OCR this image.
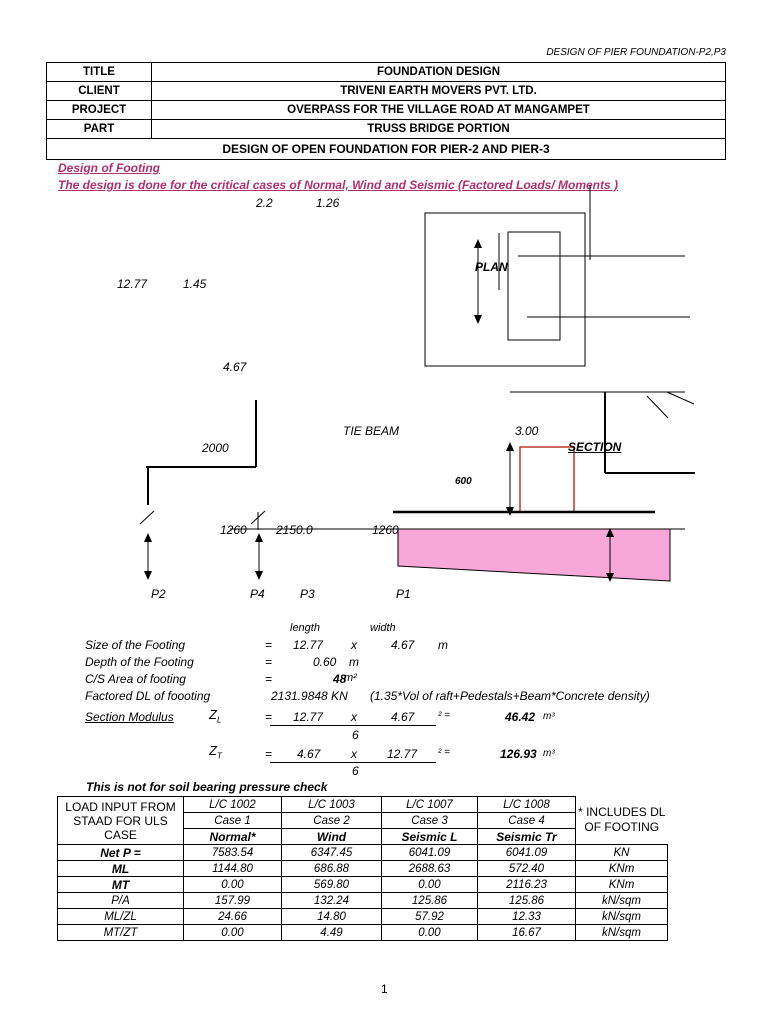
DESIGN OF PIER FOUNDATION-P2,P3
TITLE	FOUNDATION DESIGN
CLIENT	TRIVENI EARTH MOVERS PVT. LTD.
PROJECT	OVERPASS FOR THE VILLAGE ROAD AT MANGAMPET
PART	TRUSS BRIDGE PORTION
DESIGN OF OPEN FOUNDATION FOR PIER-2 AND PIER-3	
Design of Footing
The design is done for the critical cases of Normal, Wind and Seismic (Factored Loads/ Moments )
2.2	1.26
PLAN
12.77	1.45
4.67
TIE BEAM	3.00
SECTION
2000
600
1260 2150.0	1260
P2	P4	P3	P1
length	width
Size of the Footing	= 12.77 x	4.67 m
Depth of the Footing	=	0.60 m
C/S Area of footing	=	48
m²
Factored DL of foooting	2131.9848 KN (1.35*Vol of raft+Pedestals+Beam*Concrete density)
Section Modulus	$Z_L$	= 12.77 x	4.67 ² =	46.42 m³
6
$Z_T$	= 4.67	x	12.77 ² =	126.93 m³
6
This is not for soil bearing pressure check
LOAD INPUT FROM STAAD FOR ULS CASE	L/C 1002	L/C 1003	L/C 1007	L/C 1008	* INCLUDES DL OF FOOTING
	Case 1	Case 2	Case 3	Case 4	
	Normal*	Wind	Seismic L	Seismic Tr	
Net P =	7583.54	6347.45	6041.09	6041.09	KN
ML	1144.80	686.88	2688.63	572.40	KNm
MT	0.00	569.80	0.00	2116.23	KNm
P/A	157.99	132.24	125.86	125.86	kN/sqm
ML/ZL	24.66	14.80	57.92	12.33	kN/sqm
MT/ZT	0.00	4.49	0.00	16.67	kN/sqm
1
